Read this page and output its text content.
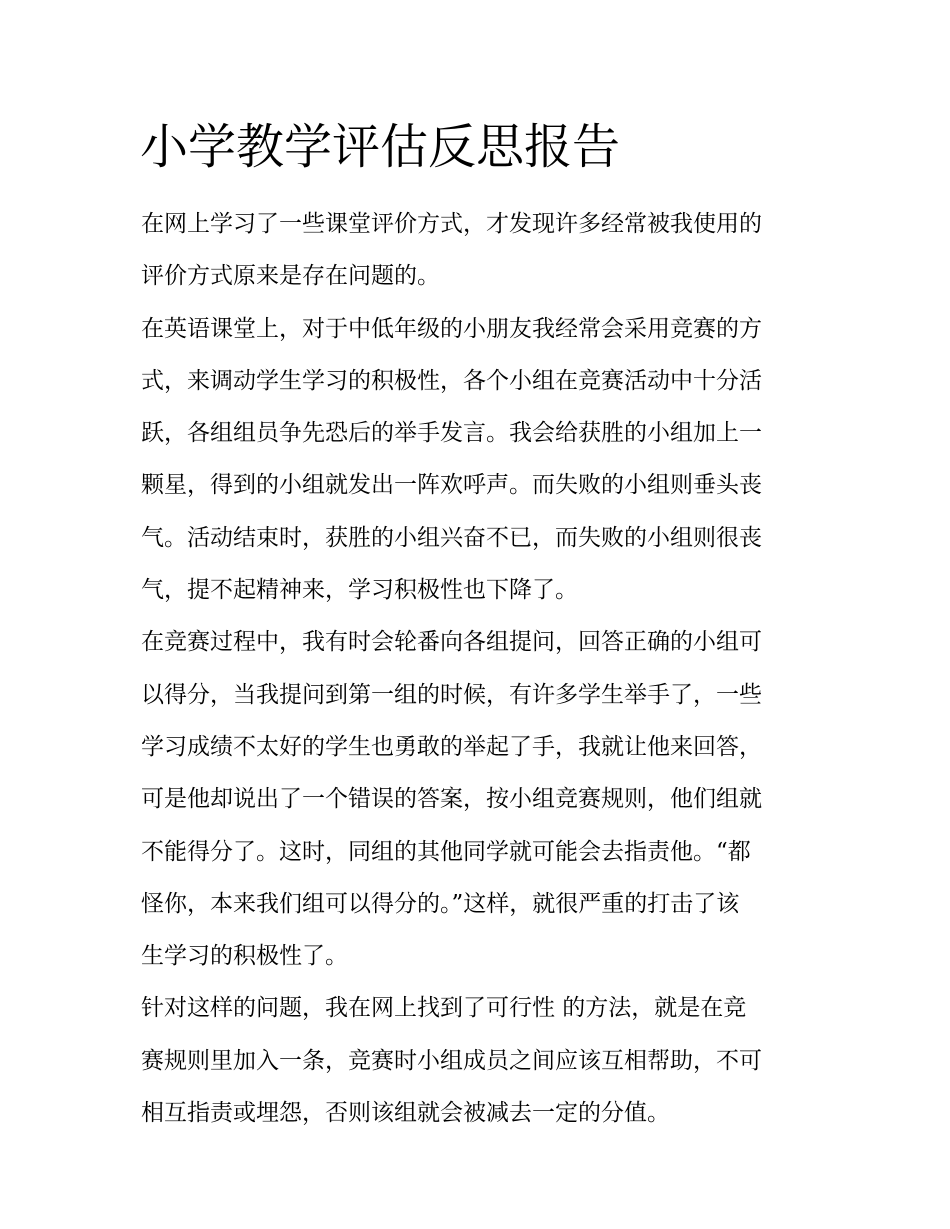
小学教学评估反思报告

在网上学习了一些课堂评价方式，才发现许多经常被我使用的
评价方式原来是存在问题的。

在英语课堂上，对于中低年级的小朋友我经常会采用竞赛的方
式，来调动学生学习的积极性，各个小组在竞赛活动中十分活
跃，各组组员争先恐后的举手发言。我会给获胜的小组加上一
颗星，得到的小组就发出一阵欢呼声。而失败的小组则垂头丧
气。活动结束时，获胜的小组兴奋不已，而失败的小组则很丧
气，提不起精神来，学习积极性也下降了。

在竞赛过程中，我有时会轮番向各组提问，回答正确的小组可
以得分，当我提问到第一组的时候，有许多学生举手了，一些
学习成绩不太好的学生也勇敢的举起了手，我就让他来回答，
可是他却说出了一个错误的答案，按小组竞赛规则，他们组就
不能得分了。这时，同组的其他同学就可能会去指责他。“都
怪你，本来我们组可以得分的。”这样，就很严重的打击了该
生学习的积极性了。

针对这样的问题，我在网上找到了可行性 的方法，就是在竞
赛规则里加入一条，竞赛时小组成员之间应该互相帮助，不可
相互指责或埋怨，否则该组就会被减去一定的分值。
